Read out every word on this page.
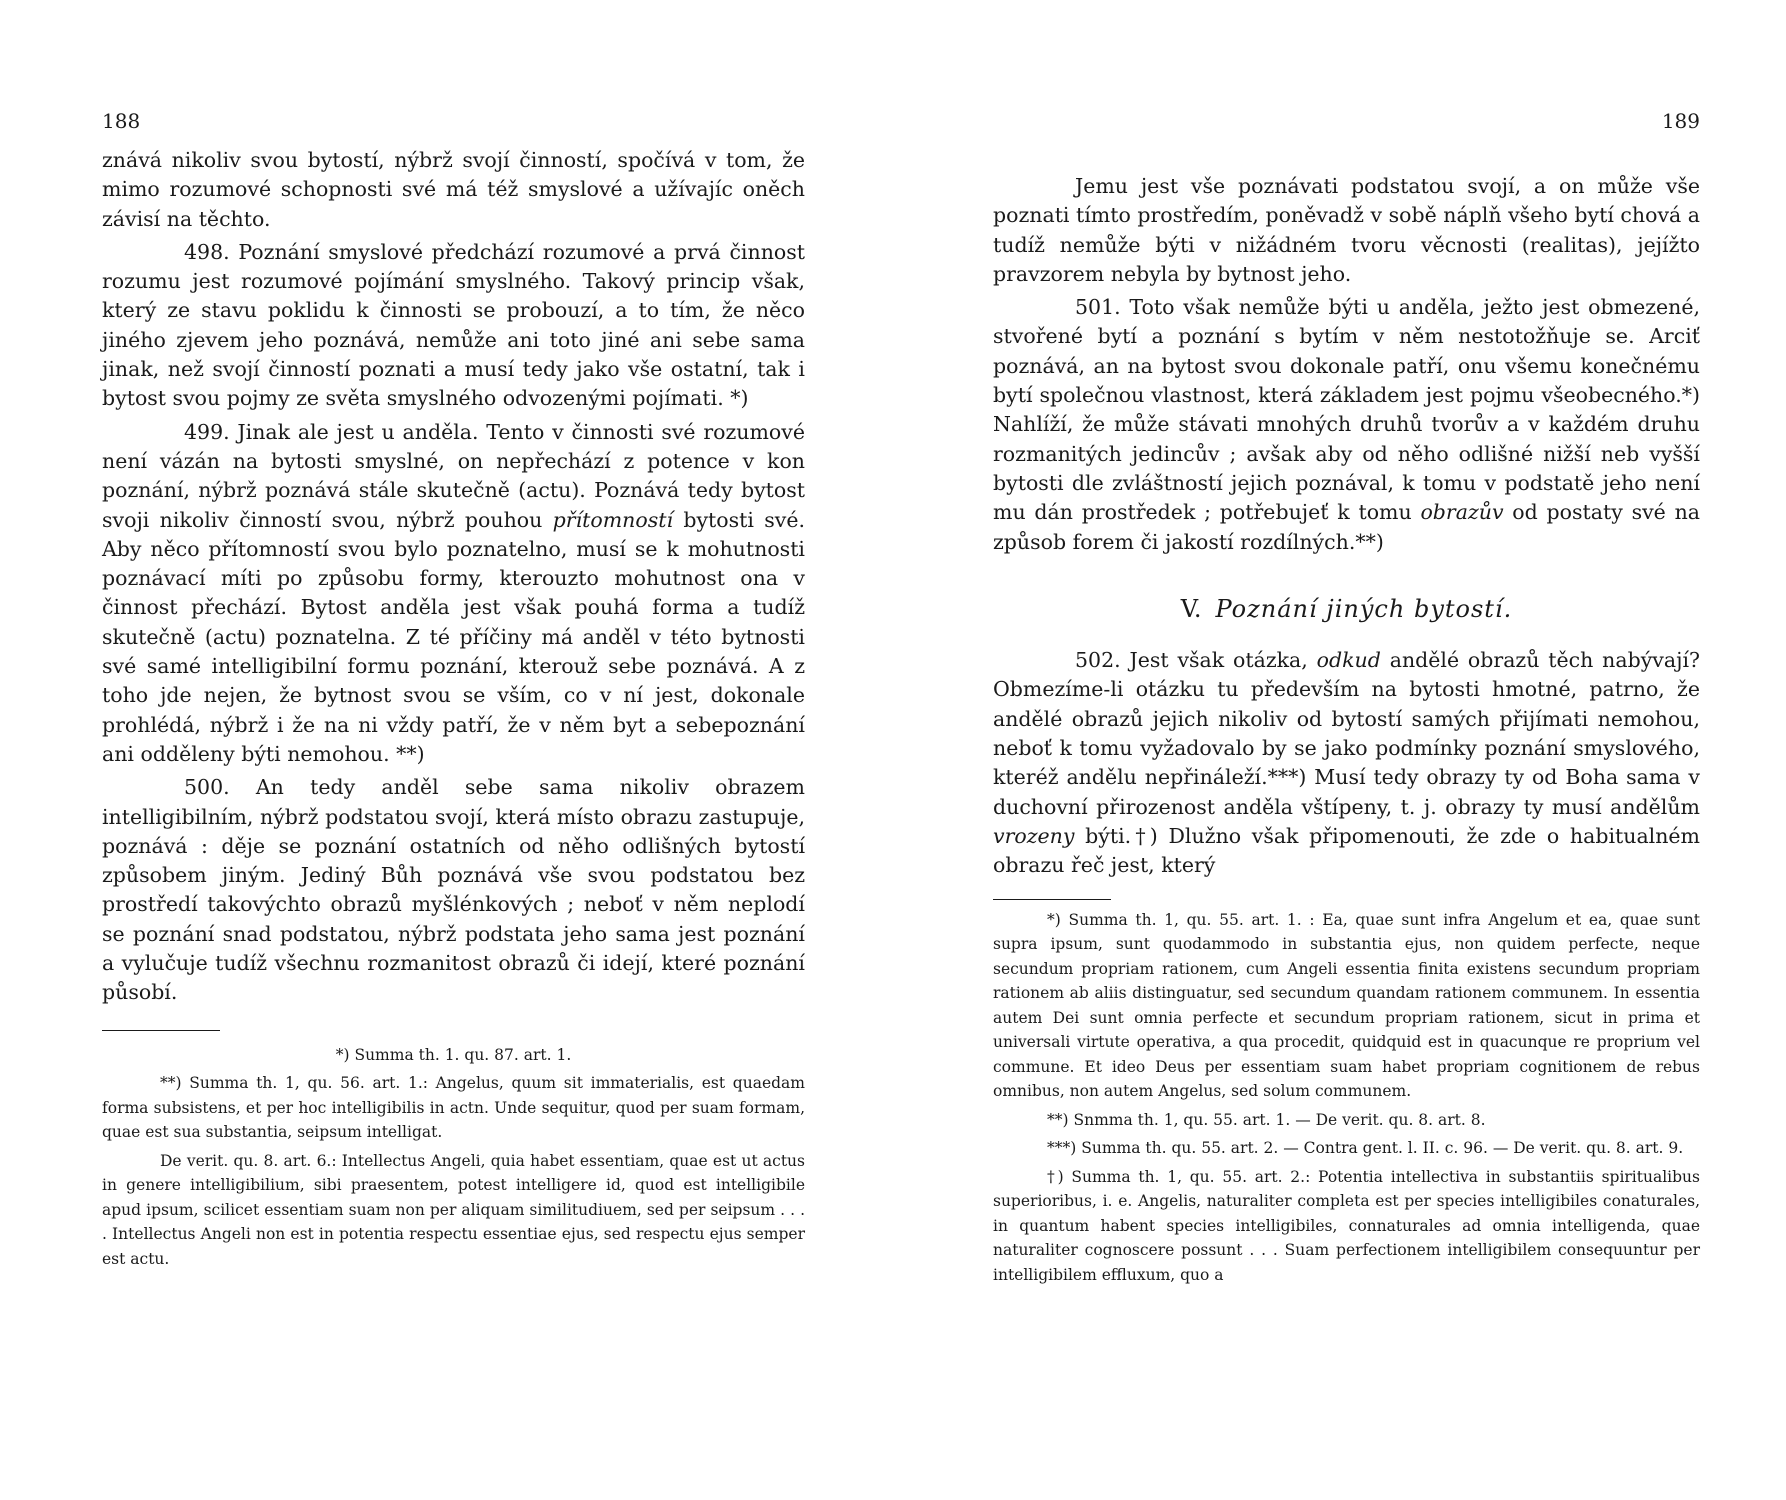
188

znává nikoliv svou bytostí, nýbrž svojí činností, spočívá v tom, že mimo rozumové schopnosti své má též smyslové a užívajíc oněch závisí na těchto.

498. Poznání smyslové předchází rozumové a prvá činnost rozumu jest rozumové pojímání smyslného. Takový princip však, který ze stavu poklidu k činnosti se probouzí, a to tím, že něco jiného zjevem jeho poznává, nemůže ani toto jiné ani sebe sama jinak, než svojí činností poznati a musí tedy jako vše ostatní, tak i bytost svou pojmy ze světa smyslného odvozenými pojímati. *)

499. Jinak ale jest u anděla. Tento v činnosti své rozumové není vázán na bytosti smyslné, on nepřechází z potence v kon poznání, nýbrž poznává stále skutečně (actu). Poznává tedy bytost svoji nikoliv činností svou, nýbrž pouhou přítomností bytosti své. Aby něco přítomností svou bylo poznatelno, musí se k mohutnosti poznávací míti po způsobu formy, kterouzto mohutnost ona v činnost přechází. Bytost anděla jest však pouhá forma a tudíž skutečně (actu) poznatelna. Z té příčiny má anděl v této bytnosti své samé intelligibilní formu poznání, kterouž sebe poznává. A z toho jde nejen, že bytnost svou se vším, co v ní jest, dokonale prohlédá, nýbrž i že na ni vždy patří, že v něm byt a sebepoznání ani odděleny býti nemohou. **)

500. An tedy anděl sebe sama nikoliv obrazem intelligibilním, nýbrž podstatou svojí, která místo obrazu zastupuje, poznává : děje se poznání ostatních od něho odlišných bytostí způsobem jiným. Jediný Bůh poznává vše svou podstatou bez prostředí takovýchto obrazů myšlénkových ; neboť v něm neplodí se poznání snad podstatou, nýbrž podstata jeho sama jest poznání a vylučuje tudíž všechnu rozmanitost obrazů či idejí, které poznání působí.

*) Summa th. 1. qu. 87. art. 1.

**) Summa th. 1, qu. 56. art. 1.: Angelus, quum sit immaterialis, est quaedam forma subsistens, et per hoc intelligibilis in actn. Unde sequitur, quod per suam formam, quae est sua substantia, seipsum intelligat.

De verit. qu. 8. art. 6.: Intellectus Angeli, quia habet essentiam, quae est ut actus in genere intelligibilium, sibi praesentem, potest intelligere id, quod est intelligibile apud ipsum, scilicet essentiam suam non per aliquam similitudiuem, sed per seipsum . . . . Intellectus Angeli non est in potentia respectu essentiae ejus, sed respectu ejus semper est actu.

189

Jemu jest vše poznávati podstatou svojí, a on může vše poznati tímto prostředím, poněvadž v sobě náplň všeho bytí chová a tudíž nemůže býti v nižádném tvoru věcnosti (realitas), jejížto pravzorem nebyla by bytnost jeho.

501. Toto však nemůže býti u anděla, ježto jest obmezené, stvořené bytí a poznání s bytím v něm nestotožňuje se. Arciť poznává, an na bytost svou dokonale patří, onu všemu konečnému bytí společnou vlastnost, která základem jest pojmu všeobecného.*) Nahlíží, že může stávati mnohých druhů tvorův a v každém druhu rozmanitých jedincův ; avšak aby od něho odlišné nižší neb vyšší bytosti dle zvláštností jejich poznával, k tomu v podstatě jeho není mu dán prostředek ; potřebujeť k tomu obrazův od postaty své na způsob forem či jakostí rozdílných.**)

V. Poznání jiných bytostí.

502. Jest však otázka, odkud andělé obrazů těch nabývají? Obmezíme-li otázku tu především na bytosti hmotné, patrno, že andělé obrazů jejich nikoliv od bytostí samých přijímati nemohou, neboť k tomu vyžadovalo by se jako podmínky poznání smyslového, kteréž andělu nepřináleží.***) Musí tedy obrazy ty od Boha sama v duchovní přirozenost anděla vštípeny, t. j. obrazy ty musí andělům vrozeny býti.†) Dlužno však připomenouti, že zde o habitualném obrazu řeč jest, který

*) Summa th. 1, qu. 55. art. 1. : Ea, quae sunt infra Angelum et ea, quae sunt supra ipsum, sunt quodammodo in substantia ejus, non quidem perfecte, neque secundum propriam rationem, cum Angeli essentia finita existens secundum propriam rationem ab aliis distinguatur, sed secundum quandam rationem communem. In essentia autem Dei sunt omnia perfecte et secundum propriam rationem, sicut in prima et universali virtute operativa, a qua procedit, quidquid est in quacunque re proprium vel commune. Et ideo Deus per essentiam suam habet propriam cognitionem de rebus omnibus, non autem Angelus, sed solum communem.

**) Snmma th. 1, qu. 55. art. 1. — De verit. qu. 8. art. 8.

***) Summa th. qu. 55. art. 2. — Contra gent. l. II. c. 96. — De verit. qu. 8. art. 9.

†) Summa th. 1, qu. 55. art. 2.: Potentia intellectiva in substantiis spiritualibus superioribus, i. e. Angelis, naturaliter completa est per species intelligibiles conaturales, in quantum habent species intelligibiles, connaturales ad omnia intelligenda, quae naturaliter cognoscere possunt . . . Suam perfectionem intelligibilem consequuntur per intelligibilem effluxum, quo a
